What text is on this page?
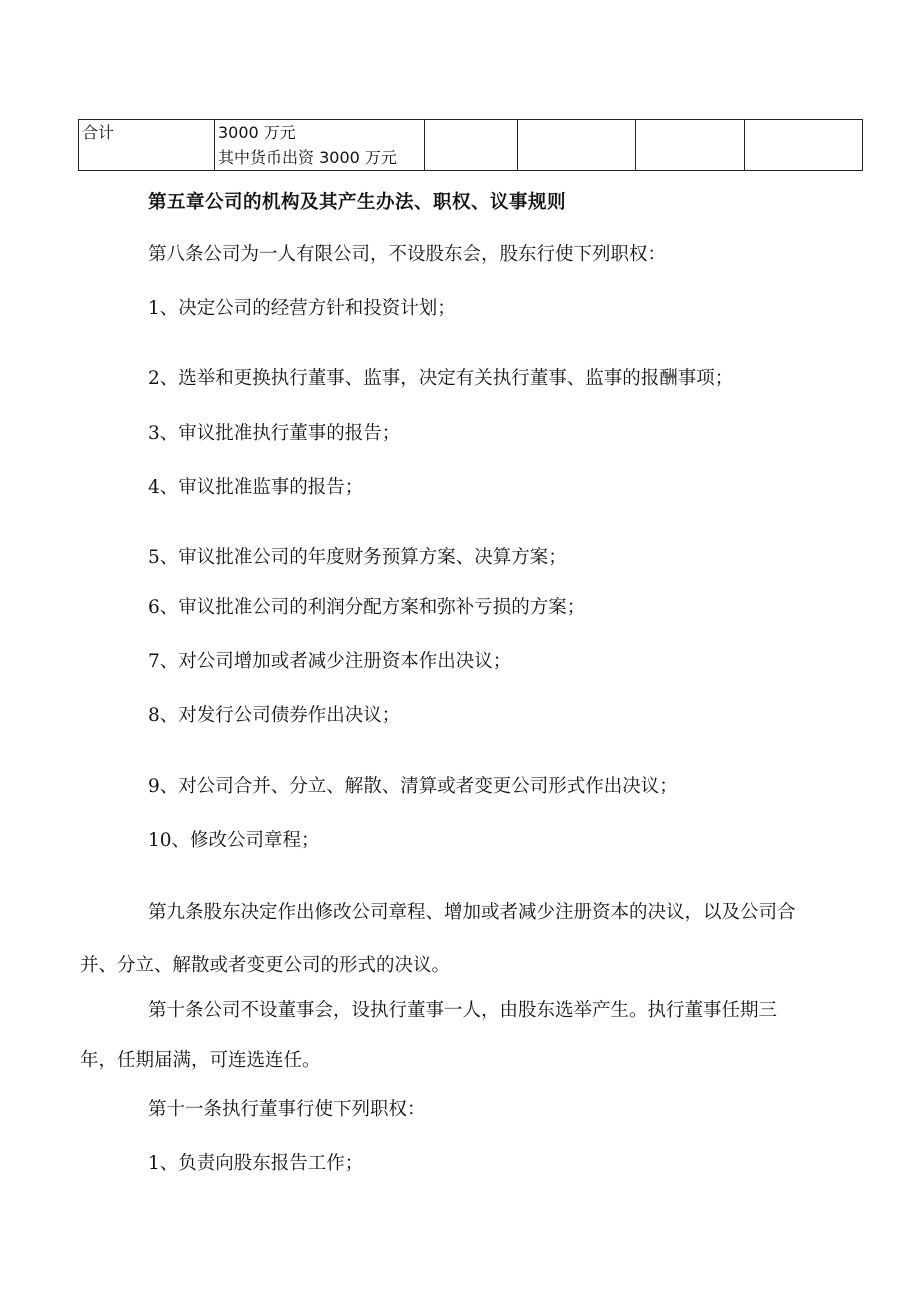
合计	3000 万元
其中货币出资 3000 万元

第五章公司的机构及其产生办法、职权、议事规则

第八条公司为一人有限公司，不设股东会，股东行使下列职权：

1、决定公司的经营方针和投资计划；

2、选举和更换执行董事、监事，决定有关执行董事、监事的报酬事项；

3、审议批准执行董事的报告；

4、审议批准监事的报告；

5、审议批准公司的年度财务预算方案、决算方案；

6、审议批准公司的利润分配方案和弥补亏损的方案；

7、对公司增加或者减少注册资本作出决议；

8、对发行公司债券作出决议；

9、对公司合并、分立、解散、清算或者变更公司形式作出决议；

10、修改公司章程；

第九条股东决定作出修改公司章程、增加或者减少注册资本的决议，以及公司合

并、分立、解散或者变更公司的形式的决议。

第十条公司不设董事会，设执行董事一人，由股东选举产生。执行董事任期三

年，任期届满，可连选连任。

第十一条执行董事行使下列职权：

1、负责向股东报告工作；
